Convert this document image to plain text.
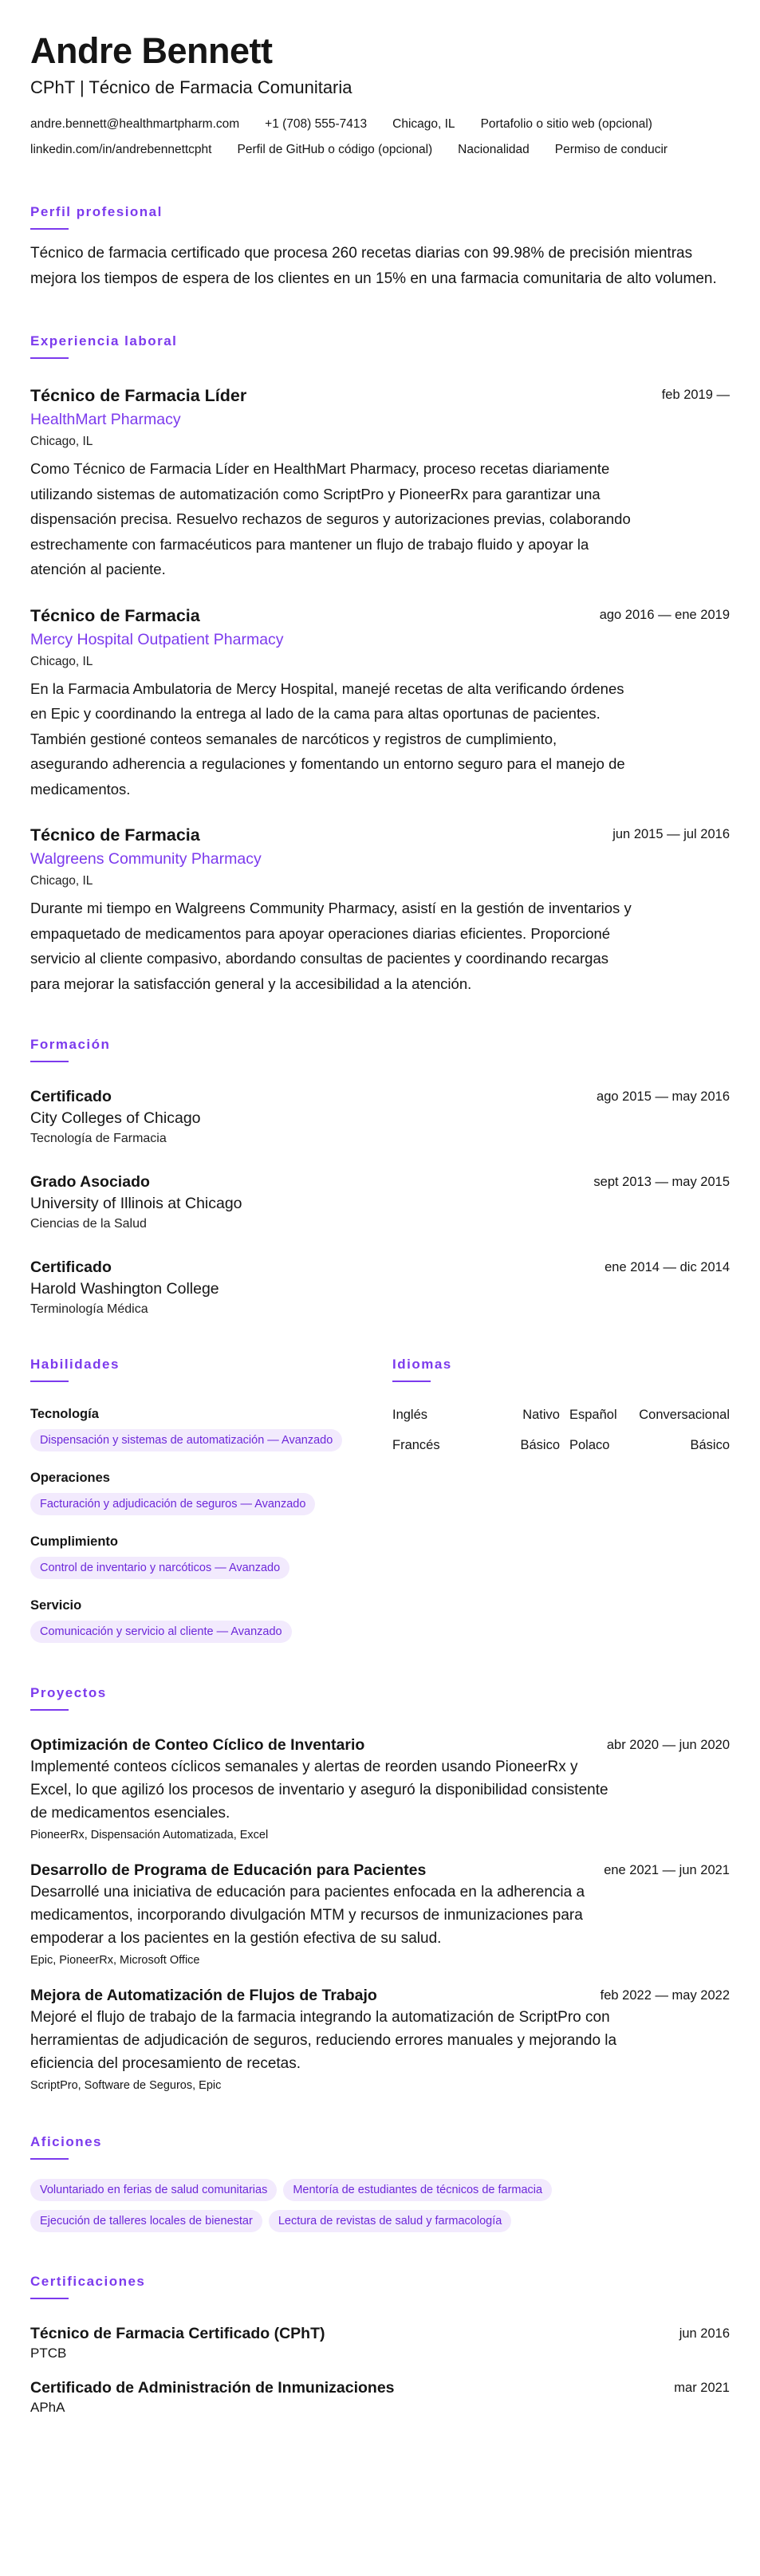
Andre Bennett
CPhT | Técnico de Farmacia Comunitaria
andre.bennett@healthmartpharm.com +1 (708) 555-7413 Chicago, IL Portafolio o sitio web (opcional)
linkedin.com/in/andrebennettcpht Perfil de GitHub o código (opcional) Nacionalidad Permiso de conducir
Perfil profesional
Técnico de farmacia certificado que procesa 260 recetas diarias con 99.98% de precisión mientras mejora los tiempos de espera de los clientes en un 15% en una farmacia comunitaria de alto volumen.
Experiencia laboral
Técnico de Farmacia Líder
HealthMart Pharmacy
Chicago, IL
Como Técnico de Farmacia Líder en HealthMart Pharmacy, proceso recetas diariamente utilizando sistemas de automatización como ScriptPro y PioneerRx para garantizar una dispensación precisa. Resuelvo rechazos de seguros y autorizaciones previas, colaborando estrechamente con farmacéuticos para mantener un flujo de trabajo fluido y apoyar la atención al paciente.
feb 2019 —
Técnico de Farmacia
Mercy Hospital Outpatient Pharmacy
Chicago, IL
En la Farmacia Ambulatoria de Mercy Hospital, manejé recetas de alta verificando órdenes en Epic y coordinando la entrega al lado de la cama para altas oportunas de pacientes. También gestioné conteos semanales de narcóticos y registros de cumplimiento, asegurando adherencia a regulaciones y fomentando un entorno seguro para el manejo de medicamentos.
ago 2016 — ene 2019
Técnico de Farmacia
Walgreens Community Pharmacy
Chicago, IL
Durante mi tiempo en Walgreens Community Pharmacy, asistí en la gestión de inventarios y empaquetado de medicamentos para apoyar operaciones diarias eficientes. Proporcioné servicio al cliente compasivo, abordando consultas de pacientes y coordinando recargas para mejorar la satisfacción general y la accesibilidad a la atención.
jun 2015 — jul 2016
Formación
Certificado
City Colleges of Chicago
Tecnología de Farmacia
ago 2015 — may 2016
Grado Asociado
University of Illinois at Chicago
Ciencias de la Salud
sept 2013 — may 2015
Certificado
Harold Washington College
Terminología Médica
ene 2014 — dic 2014
Habilidades
Tecnología
Dispensación y sistemas de automatización — Avanzado
Operaciones
Facturación y adjudicación de seguros — Avanzado
Cumplimiento
Control de inventario y narcóticos — Avanzado
Servicio
Comunicación y servicio al cliente — Avanzado
Idiomas
Inglés	Nativo Español	Conversacional
Francés	Básico Polaco	Básico
Proyectos
Optimización de Conteo Cíclico de Inventario
Implementé conteos cíclicos semanales y alertas de reorden usando PioneerRx y Excel, lo que agilizó los procesos de inventario y aseguró la disponibilidad consistente de medicamentos esenciales.
PioneerRx, Dispensación Automatizada, Excel
abr 2020 — jun 2020
Desarrollo de Programa de Educación para Pacientes
Desarrollé una iniciativa de educación para pacientes enfocada en la adherencia a medicamentos, incorporando divulgación MTM y recursos de inmunizaciones para empoderar a los pacientes en la gestión efectiva de su salud.
Epic, PioneerRx, Microsoft Office
ene 2021 — jun 2021
Mejora de Automatización de Flujos de Trabajo
Mejoré el flujo de trabajo de la farmacia integrando la automatización de ScriptPro con herramientas de adjudicación de seguros, reduciendo errores manuales y mejorando la eficiencia del procesamiento de recetas.
ScriptPro, Software de Seguros, Epic
feb 2022 — may 2022
Aficiones
Voluntariado en ferias de salud comunitarias Mentoría de estudiantes de técnicos de farmacia
Ejecución de talleres locales de bienestar Lectura de revistas de salud y farmacología
Certificaciones
Técnico de Farmacia Certificado (CPhT)
PTCB
jun 2016
Certificado de Administración de Inmunizaciones
APhA
mar 2021
